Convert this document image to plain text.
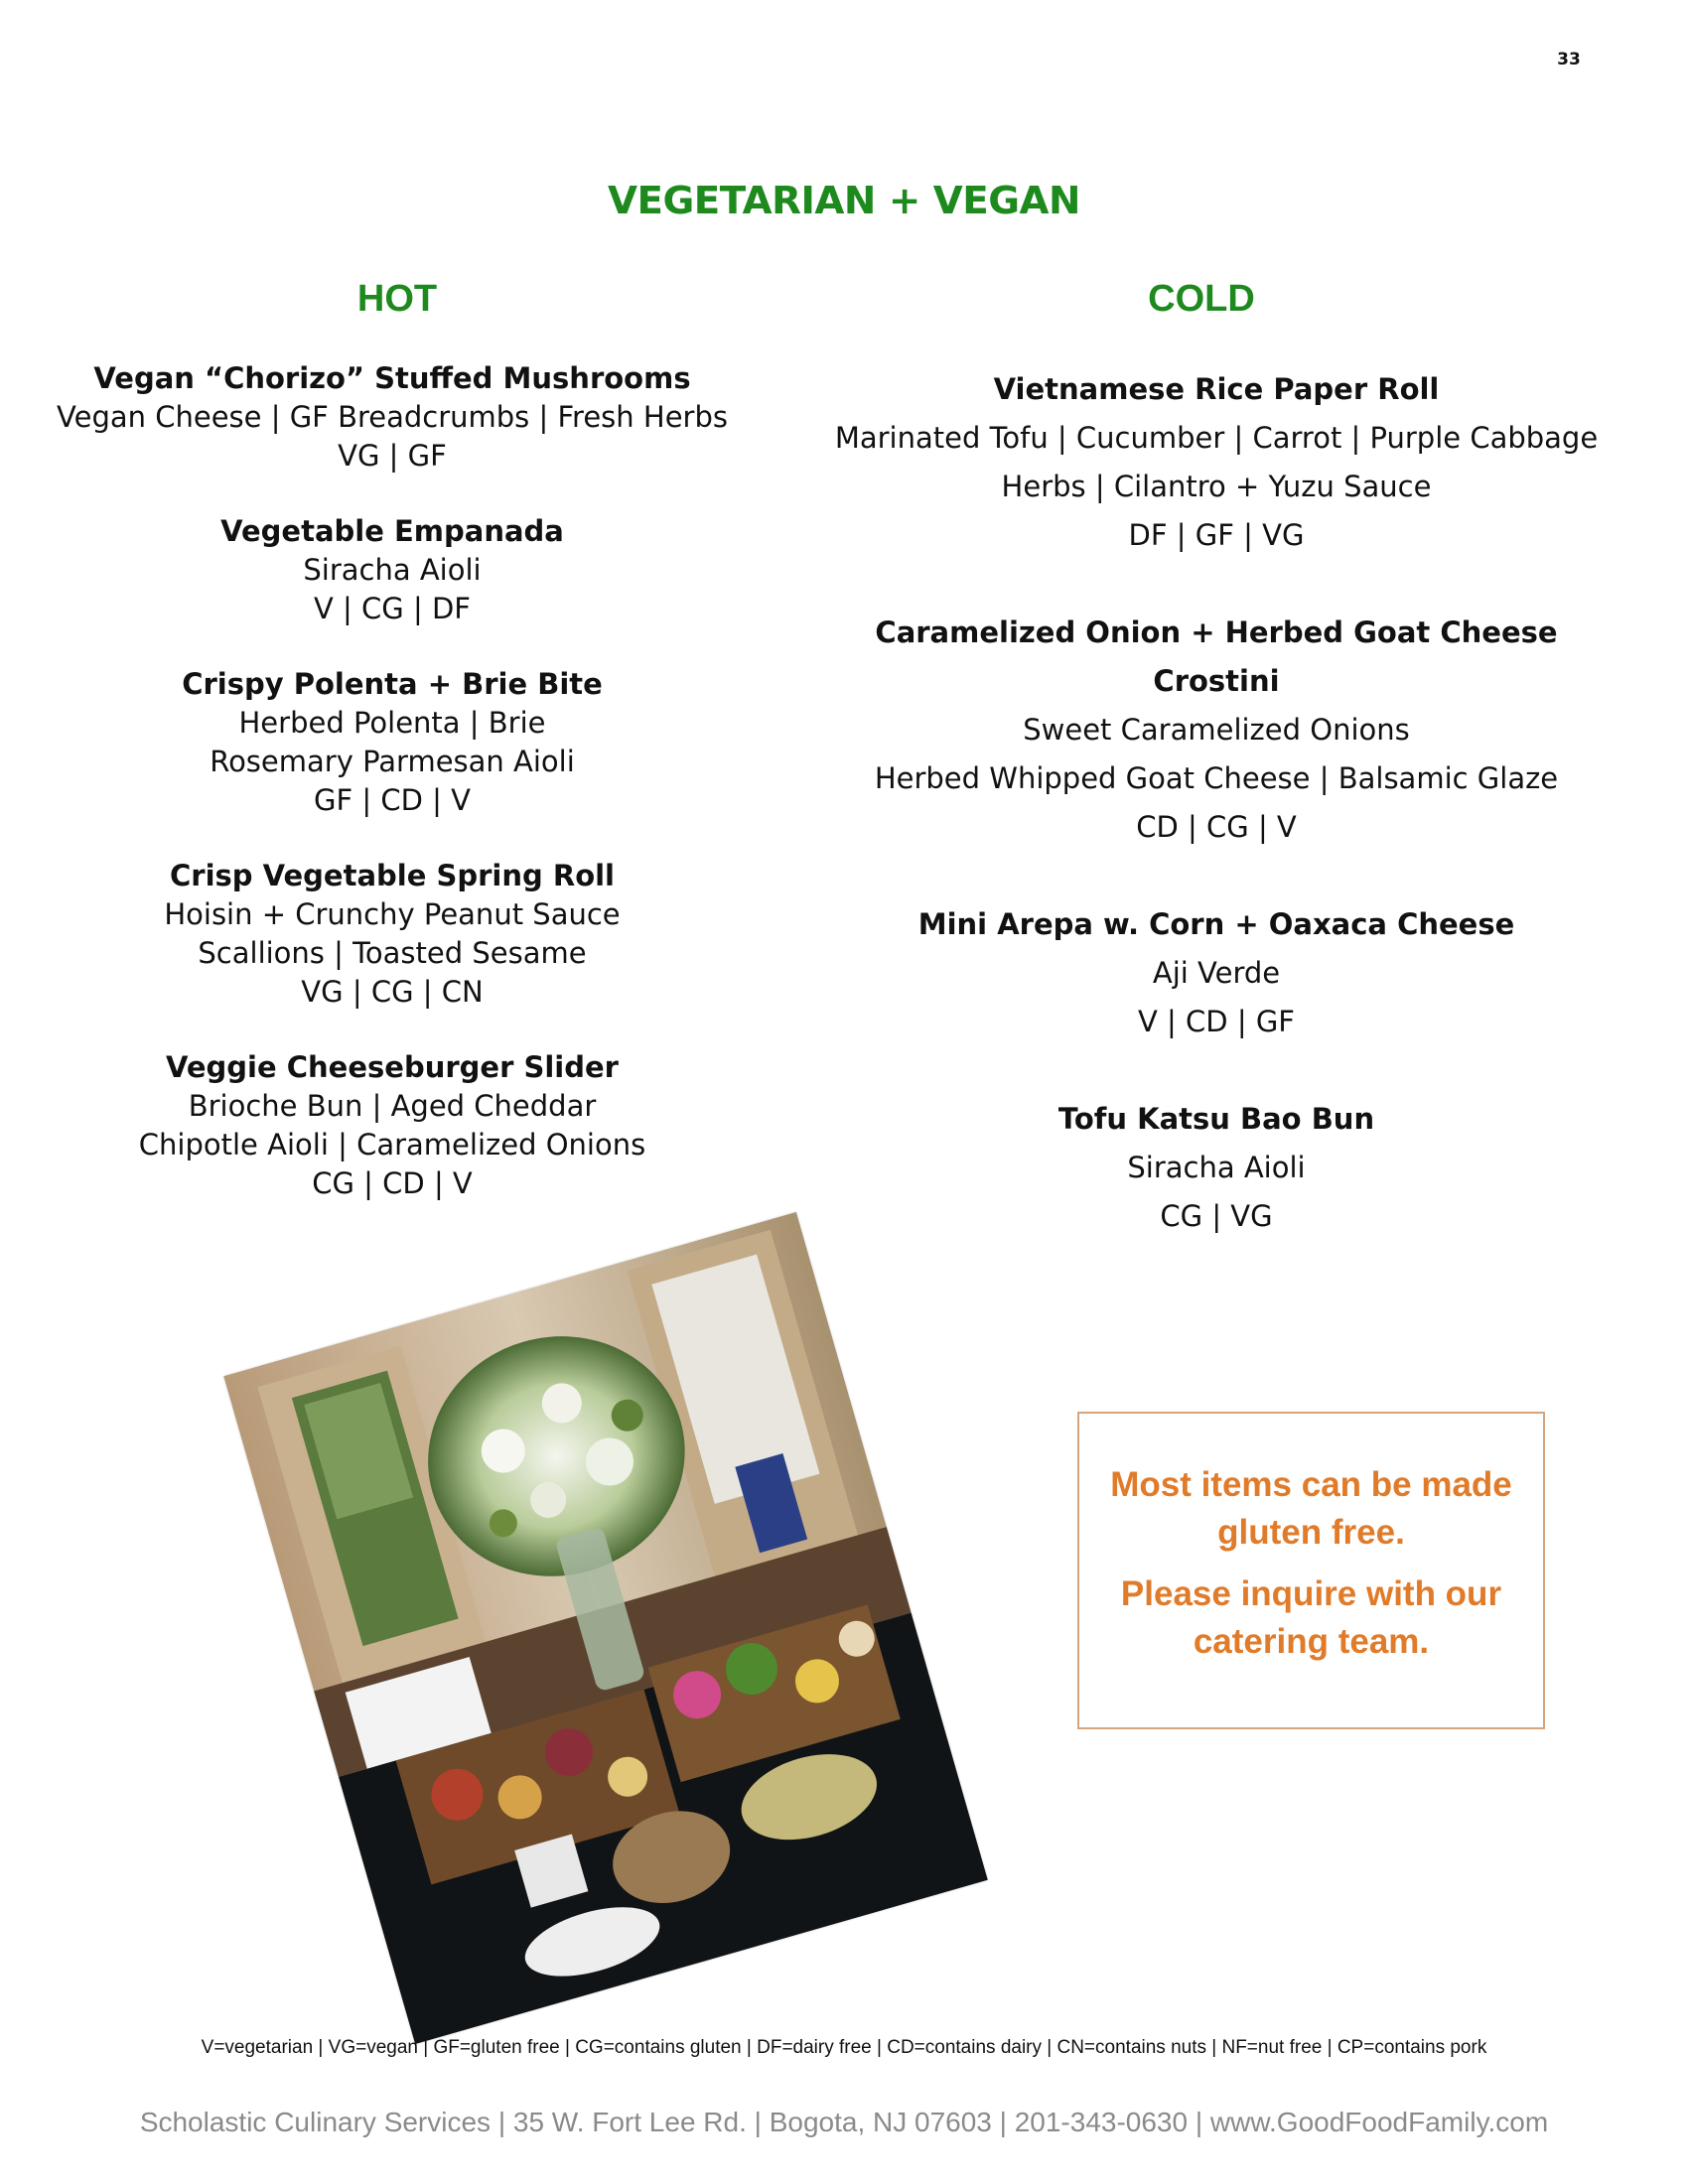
33
VEGETARIAN + VEGAN
HOT	COLD
Vegan “Chorizo” Stuffed Mushrooms
Vegan Cheese | GF Breadcrumbs | Fresh Herbs
VG | GF
Vegetable Empanada
Siracha Aioli
V | CG | DF
Crispy Polenta + Brie Bite
Herbed Polenta | Brie
Rosemary Parmesan Aioli
GF | CD | V
Crisp Vegetable Spring Roll
Hoisin + Crunchy Peanut Sauce
Scallions | Toasted Sesame
VG | CG | CN
Veggie Cheeseburger Slider
Brioche Bun | Aged Cheddar
Chipotle Aioli | Caramelized Onions
CG | CD | V
Vietnamese Rice Paper Roll
Marinated Tofu | Cucumber | Carrot | Purple Cabbage
Herbs | Cilantro + Yuzu Sauce
DF | GF | VG
Caramelized Onion + Herbed Goat Cheese Crostini
Sweet Caramelized Onions
Herbed Whipped Goat Cheese | Balsamic Glaze
CD | CG | V
Mini Arepa w. Corn + Oaxaca Cheese
Aji Verde
V | CD | GF
Tofu Katsu Bao Bun
Siracha Aioli
CG | VG

Most items can be made gluten free.

Please inquire with our catering team.

V=vegetarian | VG=vegan | GF=gluten free | CG=contains gluten | DF=dairy free | CD=contains dairy | CN=contains nuts | NF=nut free | CP=contains pork
Scholastic Culinary Services | 35 W. Fort Lee Rd. | Bogota, NJ 07603 | 201-343-0630 | www.GoodFoodFamily.com
